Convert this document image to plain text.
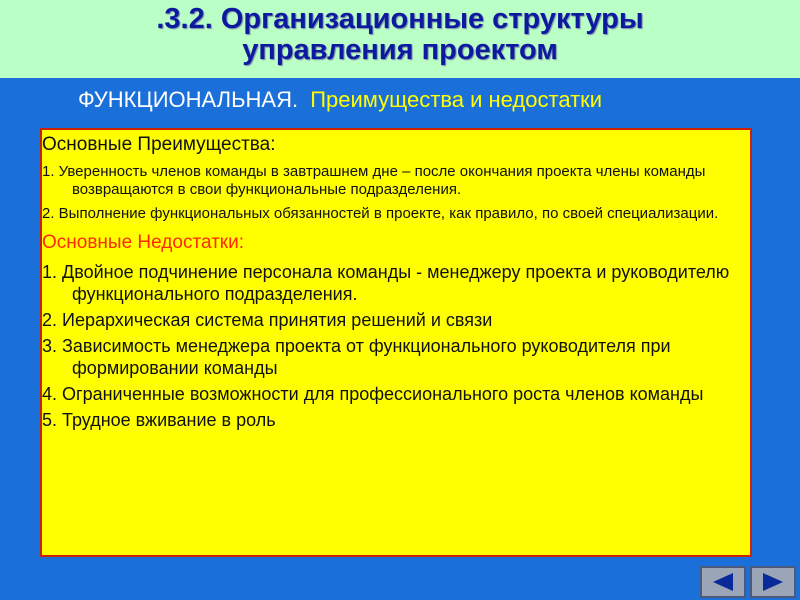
.3.2. Организационные структуры
управления проектом
ФУНКЦИОНАЛЬНАЯ. Преимущества и недостатки
Основные Преимущества:
1. Уверенность членов команды в завтрашнем дне – после окончания проекта члены команды возвращаются в свои функциональные подразделения.
2. Выполнение функциональных обязанностей в проекте, как правило, по своей специализации.
Основные Недостатки:
1. Двойное подчинение персонала команды - менеджеру проекта и руководителю функционального подразделения.
2. Иерархическая система принятия решений и связи
3. Зависимость менеджера проекта от функционального руководителя при формировании команды
4. Ограниченные возможности для профессионального роста членов команды
5. Трудное вживание в роль
